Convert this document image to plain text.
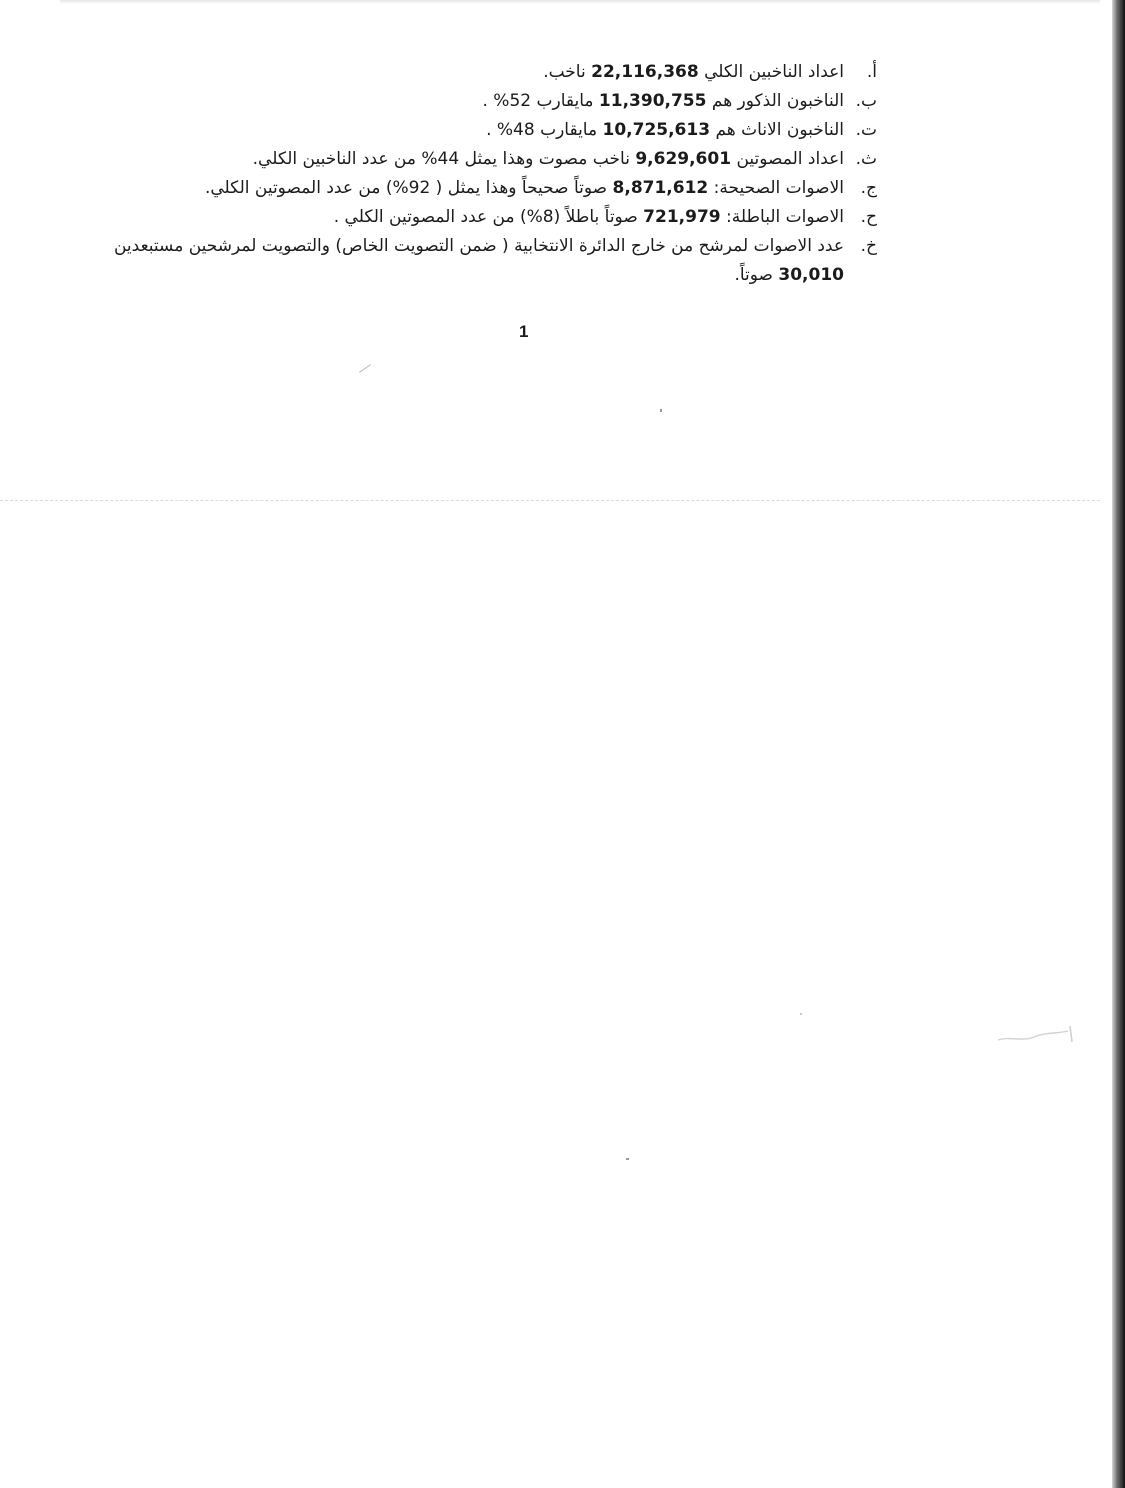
أ.
اعداد الناخبين الكلي 22,116,368 ناخب.
ب.
الناخبون الذكور هم 11,390,755 مايقارب 52% .
ت.
الناخبون الاناث هم 10,725,613 مايقارب 48% .
ث.
اعداد المصوتين 9,629,601 ناخب مصوت وهذا يمثل 44% من عدد الناخبين الكلي.
ج.
الاصوات الصحيحة: 8,871,612 صوتاً صحيحاً وهذا يمثل ( 92%) من عدد المصوتين الكلي.
ح.
الاصوات الباطلة: 721,979 صوتاً باطلاً (8%) من عدد المصوتين الكلي .
خ.
عدد الاصوات لمرشح من خارج الدائرة الانتخابية ( ضمن التصويت الخاص) والتصويت لمرشحين مستبعدين
30,010 صوتاً.
1
